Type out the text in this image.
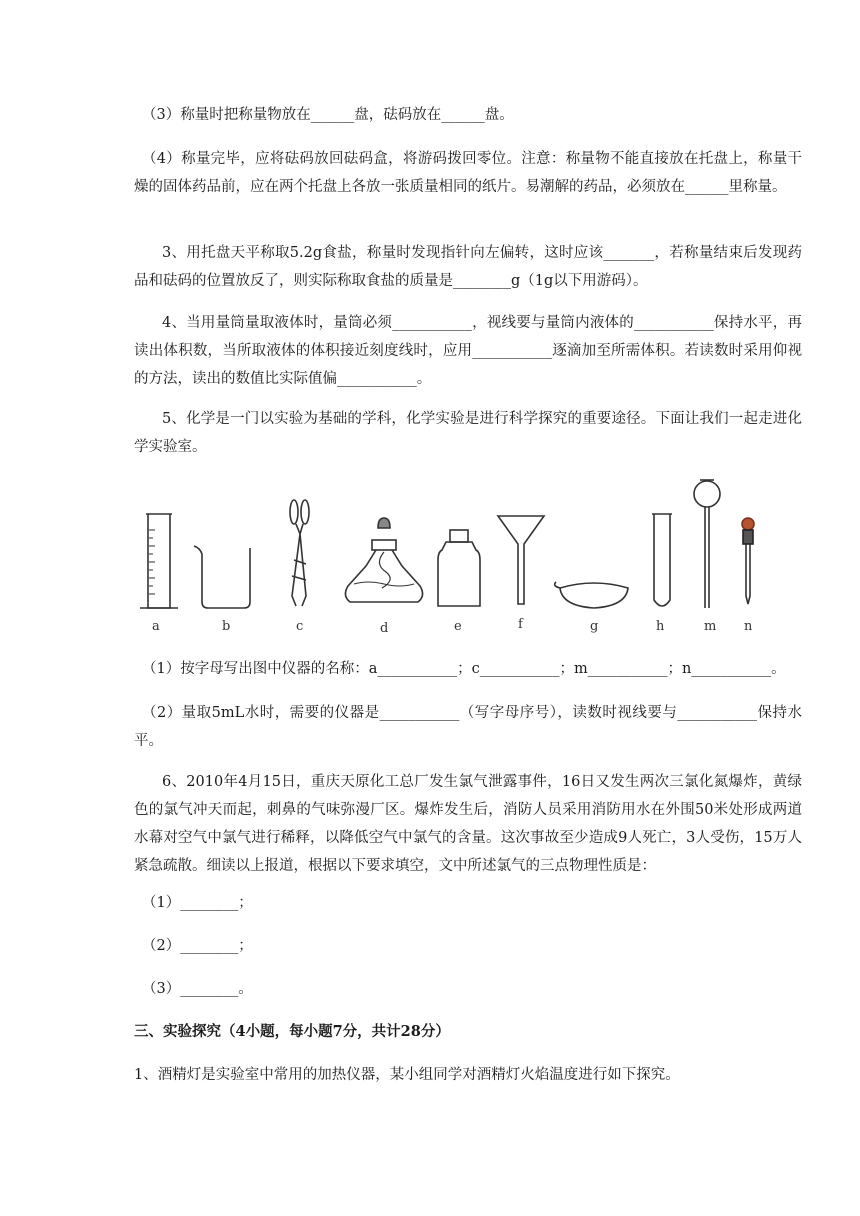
（3）称量时把称量物放在______盘，砝码放在______盘。
（4）称量完毕，应将砝码放回砝码盒，将游码拨回零位。注意：称量物不能直接放在托盘上，称量干燥的固体药品前，应在两个托盘上各放一张质量相同的纸片。易潮解的药品，必须放在______里称量。
3、用托盘天平称取5.2g食盐，称量时发现指针向左偏转，这时应该_______，若称量结束后发现药品和砝码的位置放反了，则实际称取食盐的质量是________g（1g以下用游码）。
4、当用量筒量取液体时，量筒必须___________，视线要与量筒内液体的___________保持水平，再读出体积数，当所取液体的体积接近刻度线时，应用___________逐滴加至所需体积。若读数时采用仰视的方法，读出的数值比实际值偏___________。
5、化学是一门以实验为基础的学科，化学实验是进行科学探究的重要途径。下面让我们一起走进化学实验室。
a	b	c	d	e	f	g	h	m n
（1）按字母写出图中仪器的名称：a___________；c___________；m___________；n___________。
（2）量取5mL水时，需要的仪器是___________（写字母序号），读数时视线要与___________保持水平。
6、2010年4月15日，重庆天原化工总厂发生氯气泄露事件，16日又发生两次三氯化氮爆炸，黄绿色的氯气冲天而起，刺鼻的气味弥漫厂区。爆炸发生后，消防人员采用消防用水在外围50米处形成两道水幕对空气中氯气进行稀释，以降低空气中氯气的含量。这次事故至少造成9人死亡，3人受伤，15万人紧急疏散。细读以上报道，根据以下要求填空，文中所述氯气的三点物理性质是：
（1）________；
（2）________；
（3）________。
三、实验探究（4小题，每小题7分，共计28分）
1、酒精灯是实验室中常用的加热仪器，某小组同学对酒精灯火焰温度进行如下探究。
